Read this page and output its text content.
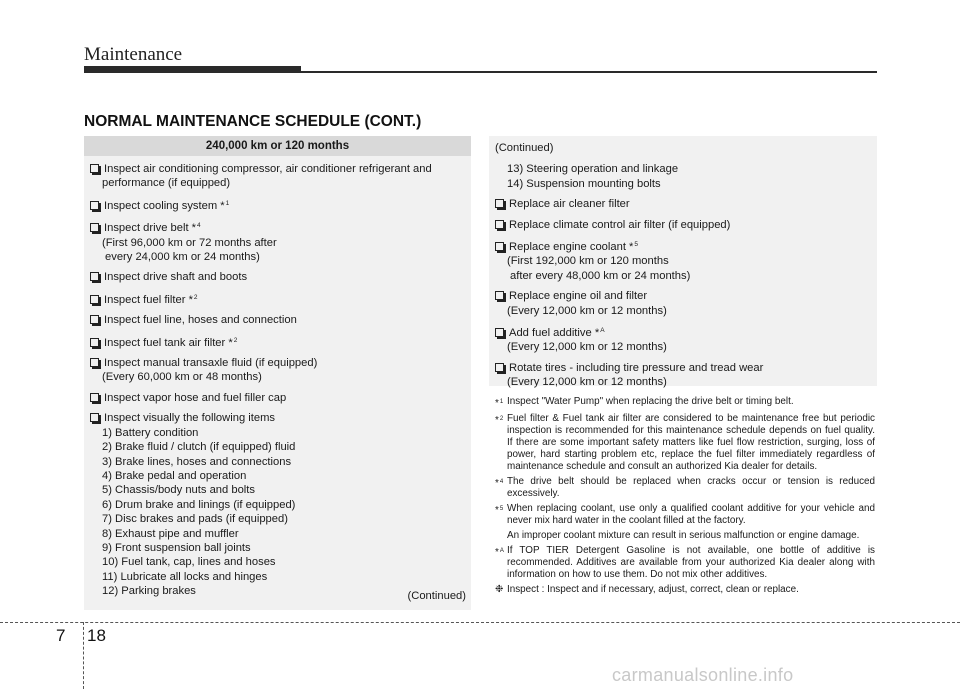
Maintenance
NORMAL MAINTENANCE SCHEDULE (CONT.)
240,000 km or 120 months
Inspect air conditioning compressor, air conditioner refrigerant and
performance (if equipped)
Inspect cooling system *$^1$
Inspect drive belt *$^4$
(First 96,000 km or 72 months after
every 24,000 km or 24 months)
Inspect drive shaft and boots
Inspect fuel filter *$^2$
Inspect fuel line, hoses and connection
Inspect fuel tank air filter *$^2$
Inspect manual transaxle fluid (if equipped)
(Every 60,000 km or 48 months)
Inspect vapor hose and fuel filler cap
Inspect visually the following items
1) Battery condition
2) Brake fluid / clutch (if equipped) fluid
3) Brake lines, hoses and connections
4) Brake pedal and operation
5) Chassis/body nuts and bolts
6) Drum brake and linings (if equipped)
7) Disc brakes and pads (if equipped)
8) Exhaust pipe and muffler
9) Front suspension ball joints
10) Fuel tank, cap, lines and hoses
11) Lubricate all locks and hinges
12) Parking brakes	(Continued)
(Continued)
13) Steering operation and linkage
14) Suspension mounting bolts
Replace air cleaner filter
Replace climate control air filter (if equipped)
Replace engine coolant *$^5$
(First 192,000 km or 120 months
after every 48,000 km or 24 months)
Replace engine oil and filter
(Every 12,000 km or 12 months)
Add fuel additive *$^A$
(Every 12,000 km or 12 months)
Rotate tires - including tire pressure and tread wear
(Every 12,000 km or 12 months)
*$^1$ Inspect "Water Pump" when replacing the drive belt or timing belt.
*$^2$ Fuel filter & Fuel tank air filter are considered to be maintenance free but periodic inspection is recommended for this maintenance schedule depends on fuel quality. If there are some important safety matters like fuel flow restriction, surging, loss of power, hard starting problem etc, replace the fuel filter immediately regardless of maintenance schedule and consult an authorized Kia dealer for details.
*$^4$ The drive belt should be replaced when cracks occur or tension is reduced excessively.
*$^5$ When replacing coolant, use only a qualified coolant additive for your vehicle and never mix hard water in the coolant filled at the factory.
An improper coolant mixture can result in serious malfunction or engine damage.
*$^A$ If TOP TIER Detergent Gasoline is not available, one bottle of additive is recommended. Additives are available from your authorized Kia dealer along with information on how to use them. Do not mix other additives.
❉ Inspect : Inspect and if necessary, adjust, correct, clean or replace.
7 18
carmanualsonline.info
